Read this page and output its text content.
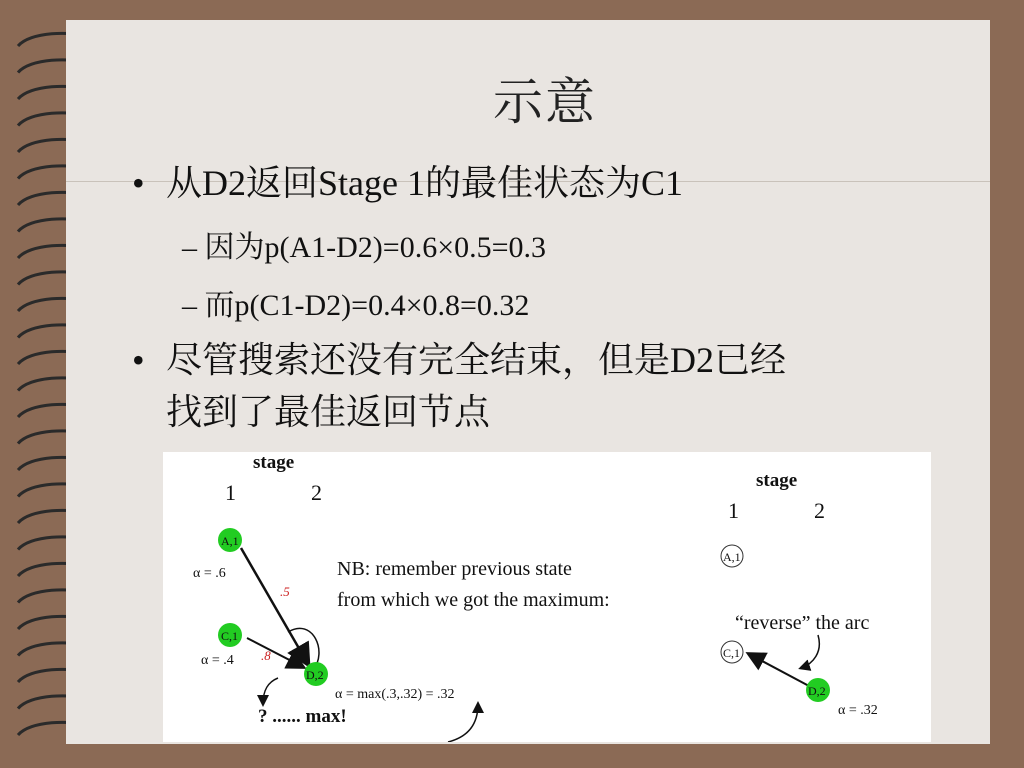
示意
• 从D2返回Stage 1的最佳状态为C1
– 因为p(A1-D2)=0.6×0.5=0.3
– 而p(C1-D2)=0.4×0.8=0.32
• 尽管搜索还没有完全结束，但是D2已经
找到了最佳返回节点
stage
1	2
.5
.8
A,1
C,1
D,2
α = .6
α = .4
α = max(.3,.32) = .32
? ...... max!
NB: remember previous state
from which we got the maximum:
stage
1	2
A,1
C,1
D,2
“reverse” the arc
α = .32
